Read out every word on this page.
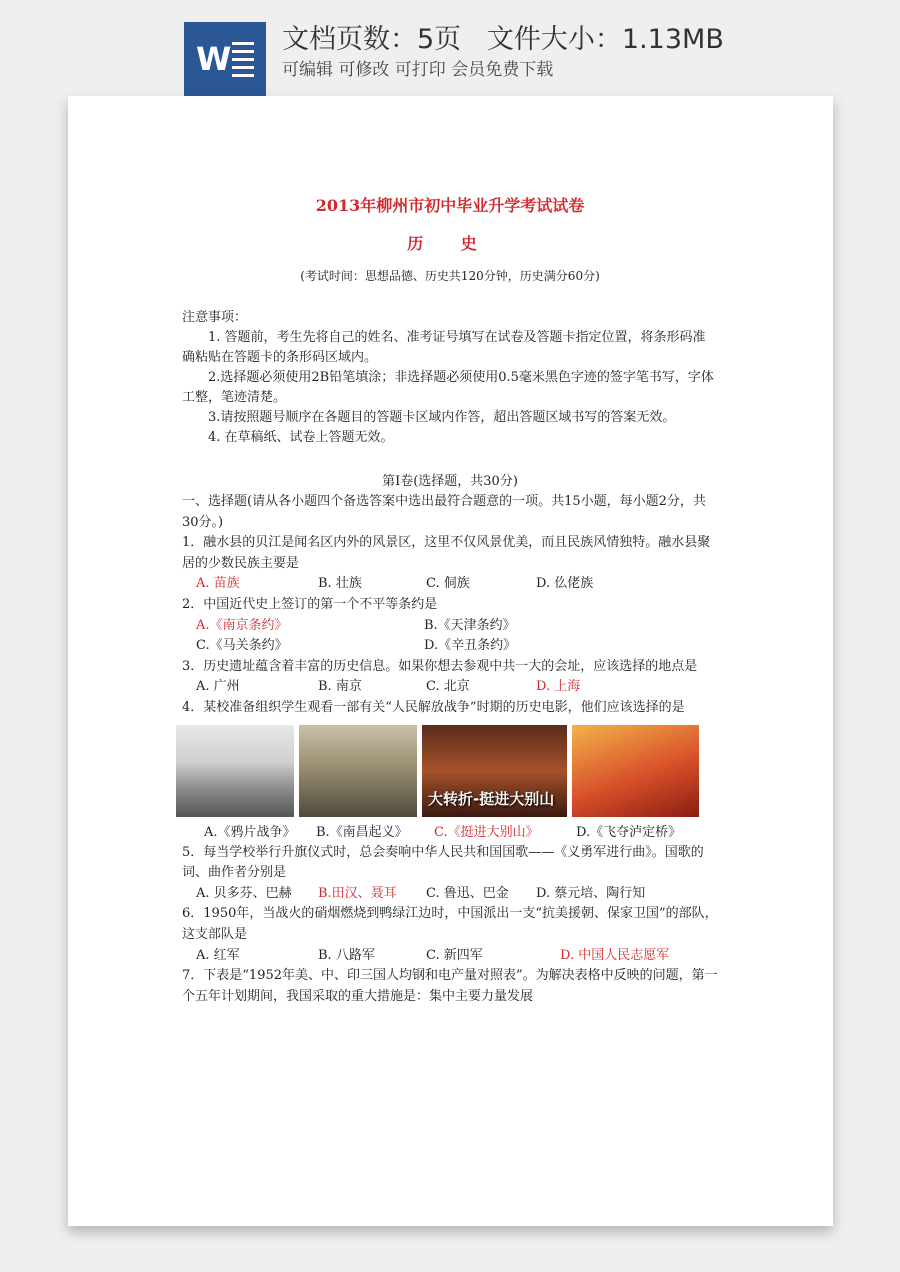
W
文档页数：5页   文件大小：1.13MB
可编辑 可修改 可打印 会员免费下载

2013年柳州市初中毕业升学考试试卷

历 史

(考试时间：思想品德、历史共120分钟，历史满分60分)

注意事项：

1. 答题前，考生先将自己的姓名、准考证号填写在试卷及答题卡指定位置，将条形码准确粘贴在答题卡的条形码区域内。

2.选择题必须使用2B铅笔填涂；非选择题必须使用0.5毫米黑色字迹的签字笔书写，字体工整，笔迹清楚。

3.请按照题号顺序在各题目的答题卡区域内作答，超出答题区域书写的答案无效。

4. 在草稿纸、试卷上答题无效。

第Ⅰ卷(选择题，共30分)

一、选择题(请从各小题四个备选答案中选出最符合题意的一项。共15小题，每小题2分，共30分。)

1．融水县的贝江是闻名区内外的风景区，这里不仅风景优美，而且民族风情独特。融水县聚居的少数民族主要是

A. 苗族	B. 壮族	C. 侗族	D. 仫佬族

2．中国近代史上签订的第一个不平等条约是

A.《南京条约》	B.《天津条约》
C.《马关条约》	D.《辛丑条约》

3．历史遗址蕴含着丰富的历史信息。如果你想去参观中共一大的会址，应该选择的地点是

A. 广州	B. 南京	C. 北京	D. 上海

4．某校准备组织学生观看一部有关“人民解放战争”时期的历史电影，他们应该选择的是

大转折-挺进大别山
A.《鸦片战争》	B.《南昌起义》	C.《挺进大别山》	D.《飞夺泸定桥》

5．每当学校举行升旗仪式时，总会奏响中华人民共和国国歌——《义勇军进行曲》。国歌的词、曲作者分别是

A. 贝多芬、巴赫	B.田汉、聂耳	C. 鲁迅、巴金	D. 蔡元培、陶行知

6．1950年，当战火的硝烟燃烧到鸭绿江边时，中国派出一支“抗美援朝、保家卫国”的部队，这支部队是

A. 红军	B. 八路军	C. 新四军	D. 中国人民志愿军

7．下表是“1952年美、中、印三国人均钢和电产量对照表”。为解决表格中反映的问题，第一个五年计划期间，我国采取的重大措施是：集中主要力量发展
